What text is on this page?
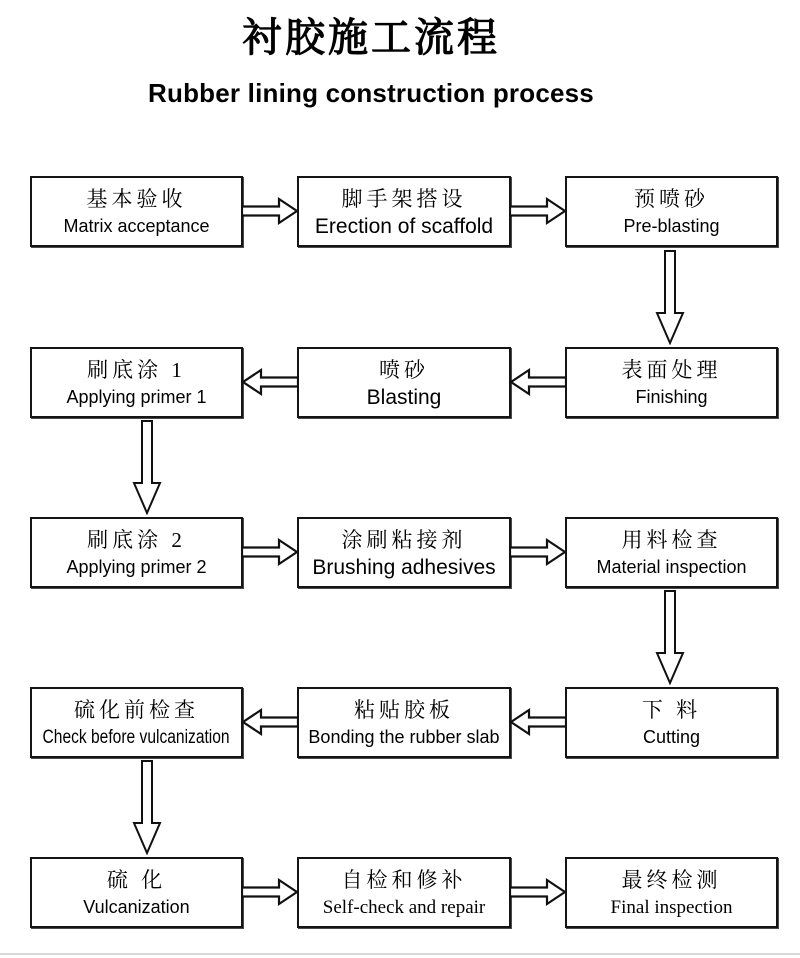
衬胶施工流程
Rubber lining construction process
基本验收
Matrix acceptance
脚手架搭设
Erection of scaffold
预喷砂
Pre-blasting
刷底涂 1
Applying primer 1
喷砂
Blasting
表面处理
Finishing
刷底涂 2
Applying primer 2
涂刷粘接剂
Brushing adhesives
用料检查
Material inspection
硫化前检查
Check before vulcanization
粘贴胶板
Bonding the rubber slab
下 料
Cutting
硫 化
Vulcanization
自检和修补
Self-check and repair
最终检测
Final inspection
